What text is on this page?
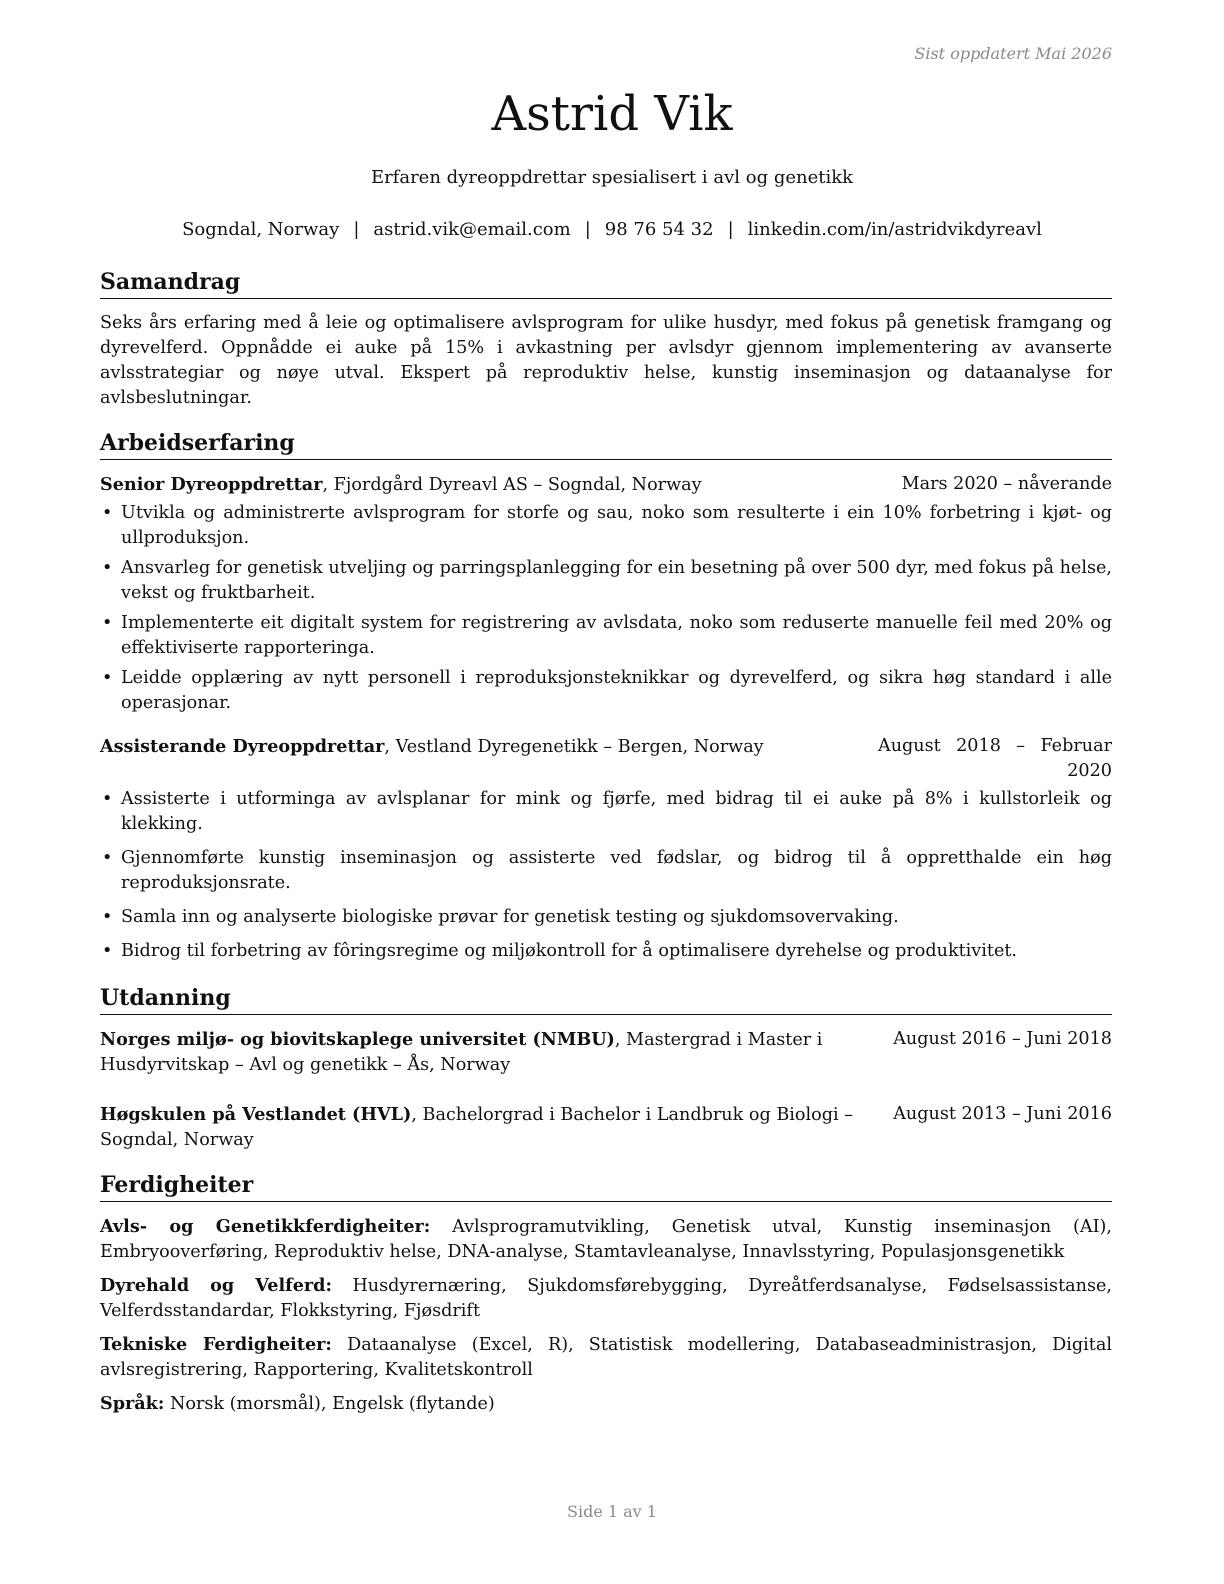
Sist oppdatert Mai 2026
Astrid Vik
Erfaren dyreoppdrettar spesialisert i avl og genetikk
Sogndal, Norway | astrid.vik@email.com | 98 76 54 32 | linkedin.com/in/astridvikdyreavl
Samandrag

Seks års erfaring med å leie og optimalisere avlsprogram for ulike husdyr, med fokus på genetisk framgang og dyrevelferd. Oppnådde ei auke på 15% i avkastning per avlsdyr gjennom implementering av avanserte avlsstrategiar og nøye utval. Ekspert på reproduktiv helse, kunstig inseminasjon og dataanalyse for avlsbeslutningar.

Arbeidserfaring
Senior Dyreoppdrettar, Fjordgård Dyreavl AS – Sogndal, Norway	Mars 2020 – nåverande
• Utvikla og administrerte avlsprogram for storfe og sau, noko som resulterte i ein 10% forbetring i kjøt- og ullproduksjon.
• Ansvarleg for genetisk utveljing og parringsplanlegging for ein besetning på over 500 dyr, med fokus på helse, vekst og fruktbarheit.
• Implementerte eit digitalt system for registrering av avlsdata, noko som reduserte manuelle feil med 20% og effektiviserte rapporteringa.
• Leidde opplæring av nytt personell i reproduksjonsteknikkar og dyrevelferd, og sikra høg standard i alle operasjonar.
Assisterande Dyreoppdrettar, Vestland Dyregenetikk – Bergen, Norway	August 2018 – Februar
2020
• Assisterte i utforminga av avlsplanar for mink og fjørfe, med bidrag til ei auke på 8% i kullstorleik og klekking.
• Gjennomførte kunstig inseminasjon og assisterte ved fødslar, og bidrog til å oppretthalde ein høg reproduksjonsrate.
• Samla inn og analyserte biologiske prøvar for genetisk testing og sjukdomsovervaking.
• Bidrog til forbetring av fôringsregime og miljøkontroll for å optimalisere dyrehelse og produktivitet.
Utdanning
Norges miljø- og biovitskaplege universitet (NMBU), Mastergrad i Master i Husdyrvitskap – Avl og genetikk – Ås, Norway
August 2016 – Juni 2018
Høgskulen på Vestlandet (HVL), Bachelorgrad i Bachelor i Landbruk og Biologi – Sogndal, Norway
August 2013 – Juni 2016
Ferdigheiter

Avls- og Genetikkferdigheiter: Avlsprogramutvikling, Genetisk utval, Kunstig inseminasjon (AI), Embryooverføring, Reproduktiv helse, DNA-analyse, Stamtavleanalyse, Innavlsstyring, Populasjonsgenetikk

Dyrehald og Velferd: Husdyrernæring, Sjukdomsførebygging, Dyreåtferdsanalyse, Fødselsassistanse, Velferdsstandardar, Flokkstyring, Fjøsdrift

Tekniske Ferdigheiter: Dataanalyse (Excel, R), Statistisk modellering, Databaseadministrasjon, Digital avlsregistrering, Rapportering, Kvalitetskontroll

Språk: Norsk (morsmål), Engelsk (flytande)

Side 1 av 1
